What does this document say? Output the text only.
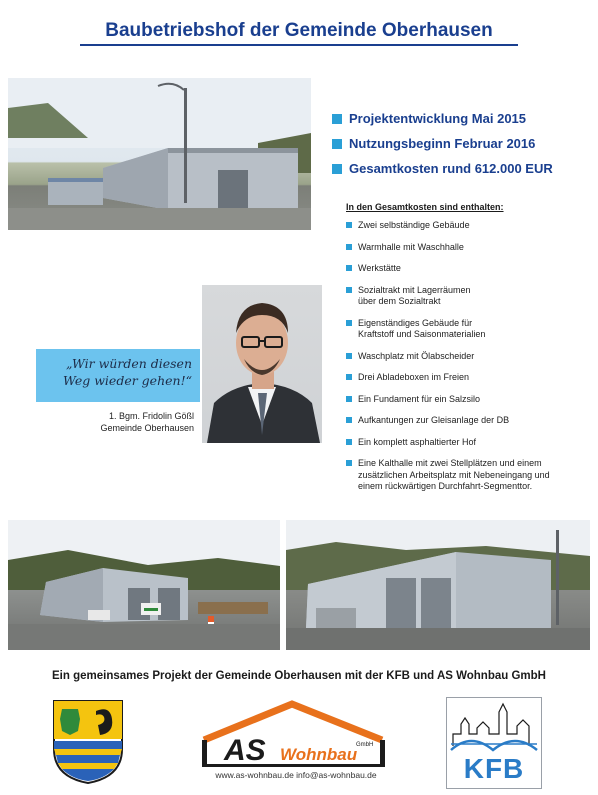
Baubetriebshof der Gemeinde Oberhausen
Projektentwicklung Mai 2015
Nutzungsbeginn Februar 2016
Gesamtkosten rund 612.000 EUR
In den Gesamtkosten sind enthalten:
Zwei selbständige Gebäude
Warmhalle mit Waschhalle
Werkstätte
Sozialtrakt mit Lagerräumen
über dem Sozialtrakt
Eigenständiges Gebäude für
Kraftstoff und Saisonmaterialien
Waschplatz mit Ölabscheider
Drei Abladeboxen im Freien
Ein Fundament für ein Salzsilo
Aufkantungen zur Gleisanlage der DB
Ein komplett asphaltierter Hof
Eine Kalthalle mit zwei Stellplätzen und einem
zusätzlichen Arbeitsplatz mit Nebeneingang und
einem rückwärtigen Durchfahrt-Segmenttor.
„Wir würden diesen
Weg wieder gehen!“
1. Bgm. Fridolin Gößl
Gemeinde Oberhausen
Ein gemeinsames Projekt der Gemeinde Oberhausen mit der KFB und AS Wohnbau GmbH
AS Wohnbau
GmbH
www.as-wohnbau.de info@as-wohnbau.de	KFB
